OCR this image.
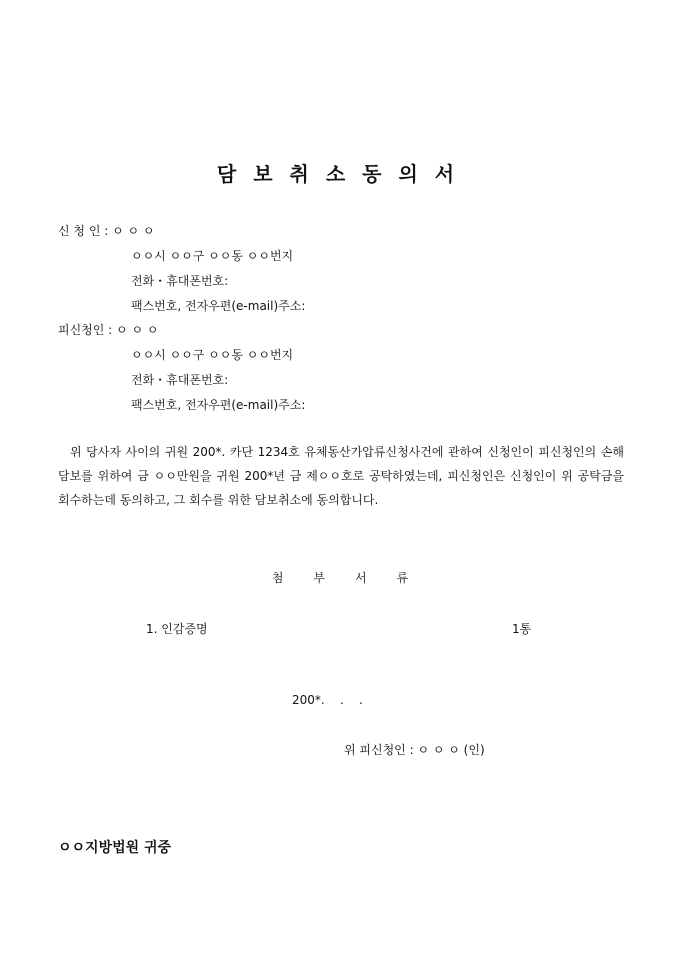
담보취소동의서
신 청 인 : ㅇ ㅇ ㅇ
ㅇㅇ시 ㅇㅇ구 ㅇㅇ동 ㅇㅇ번지
전화・휴대폰번호:
팩스번호, 전자우편(e-mail)주소:
피신청인 : ㅇ ㅇ ㅇ
ㅇㅇ시 ㅇㅇ구 ㅇㅇ동 ㅇㅇ번지
전화・휴대폰번호:
팩스번호, 전자우편(e-mail)주소:
위 당사자 사이의 귀원 200*. 카단 1234호 유체동산가압류신청사건에 관하여 신청인이 피신청인의 손해담보를 위하여 금 ㅇㅇ만원을 귀원 200*년 금 제ㅇㅇ호로 공탁하였는데, 피신청인은 신청인이 위 공탁금을 회수하는데 동의하고, 그 회수를 위한 담보취소에 동의합니다.
첨부서류
1. 인감증명	1통
200*.    .    .
위 피신청인 : ㅇ ㅇ ㅇ (인)
ㅇㅇ지방법원 귀중
